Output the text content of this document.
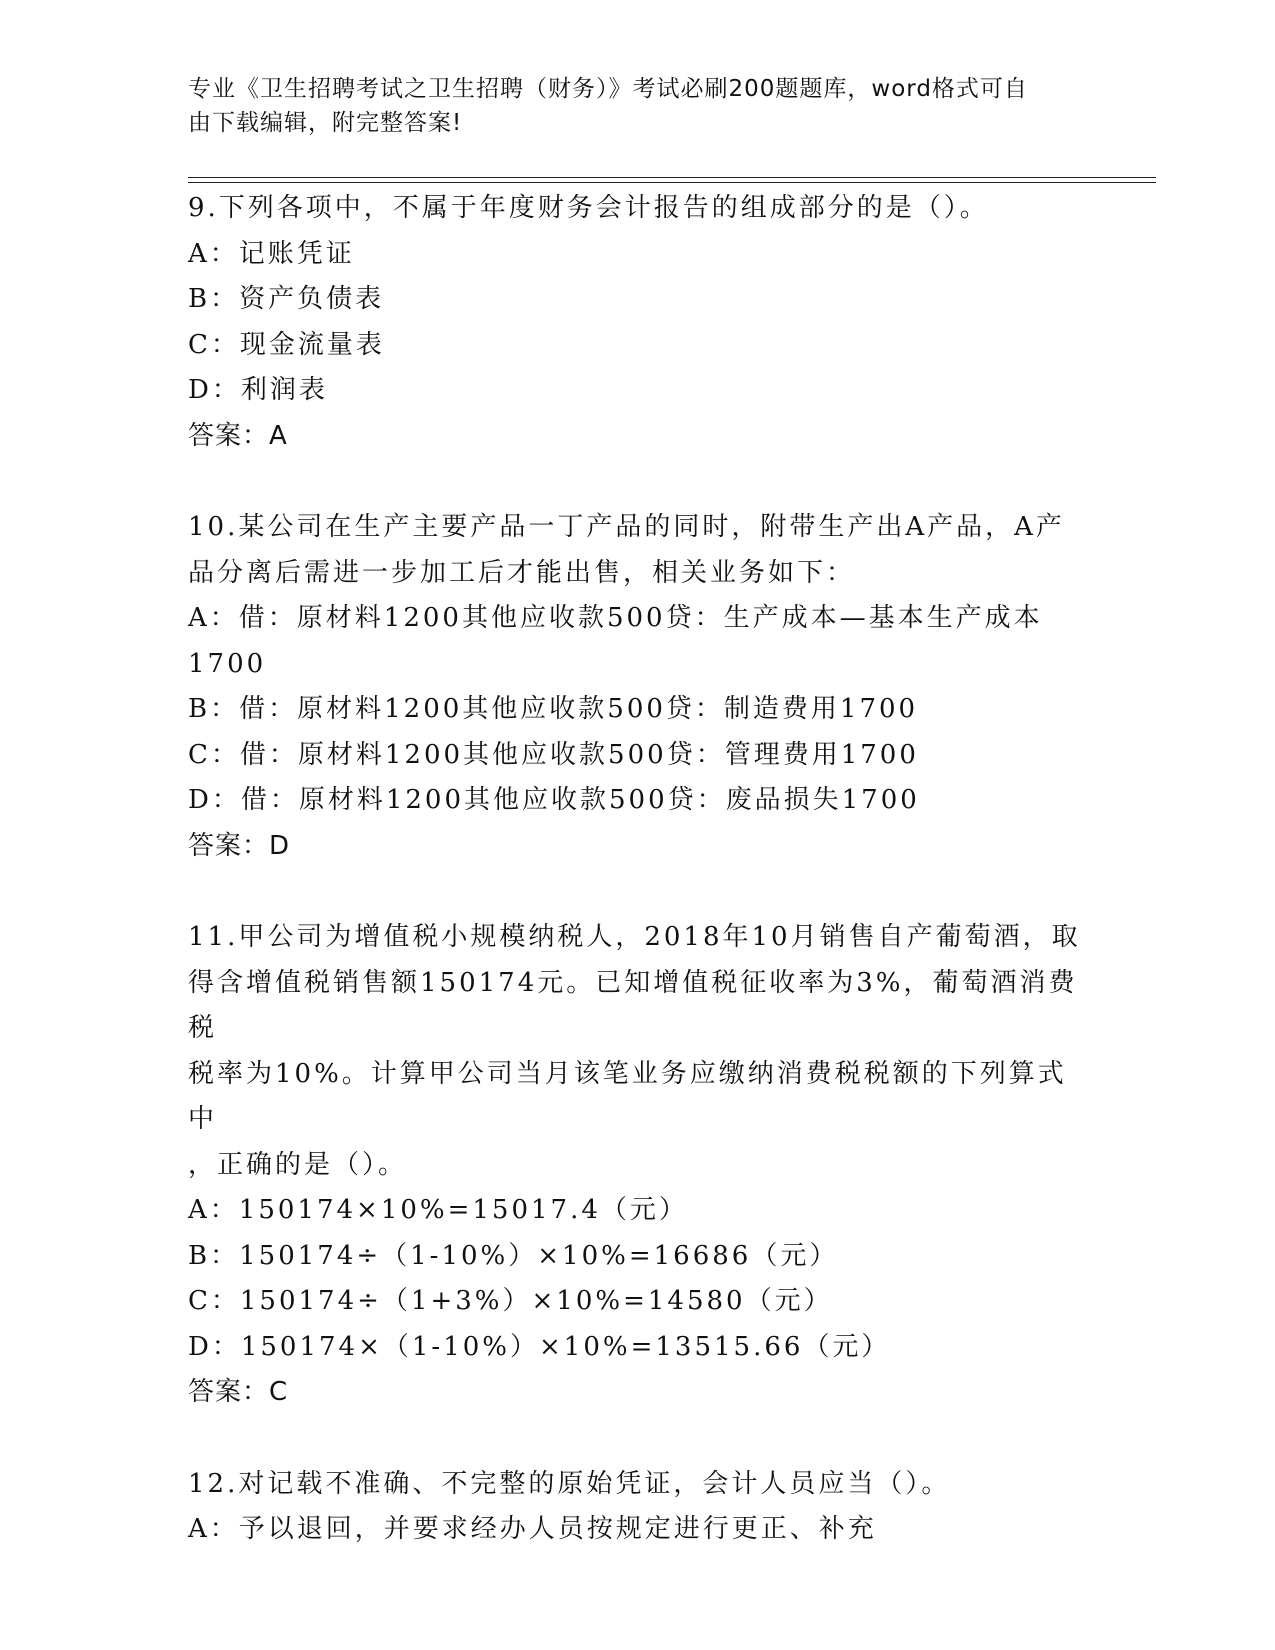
专业《卫生招聘考试之卫生招聘（财务）》考试必刷200题题库，word格式可自
由下载编辑，附完整答案!
9.下列各项中，不属于年度财务会计报告的组成部分的是（）。
A：记账凭证
B：资产负债表
C：现金流量表
D：利润表
答案：A
10.某公司在生产主要产品一丁产品的同时，附带生产出A产品，A产
品分离后需进一步加工后才能出售，相关业务如下：
A：借：原材料1200其他应收款500贷：生产成本—基本生产成本
1700
B：借：原材料1200其他应收款500贷：制造费用1700
C：借：原材料1200其他应收款500贷：管理费用1700
D：借：原材料1200其他应收款500贷：废品损失1700
答案：D
11.甲公司为增值税小规模纳税人，2018年10月销售自产葡萄酒，取
得含增值税销售额150174元。已知增值税征收率为3%，葡萄酒消费税
税率为10%。计算甲公司当月该笔业务应缴纳消费税税额的下列算式中
，正确的是（）。
A：150174×10%=15017.4（元）
B：150174÷（1-10%）×10%=16686（元）
C：150174÷（1+3%）×10%=14580（元）
D：150174×（1-10%）×10%=13515.66（元）
答案：C
12.对记载不准确、不完整的原始凭证，会计人员应当（）。
A：予以退回，并要求经办人员按规定进行更正、补充
